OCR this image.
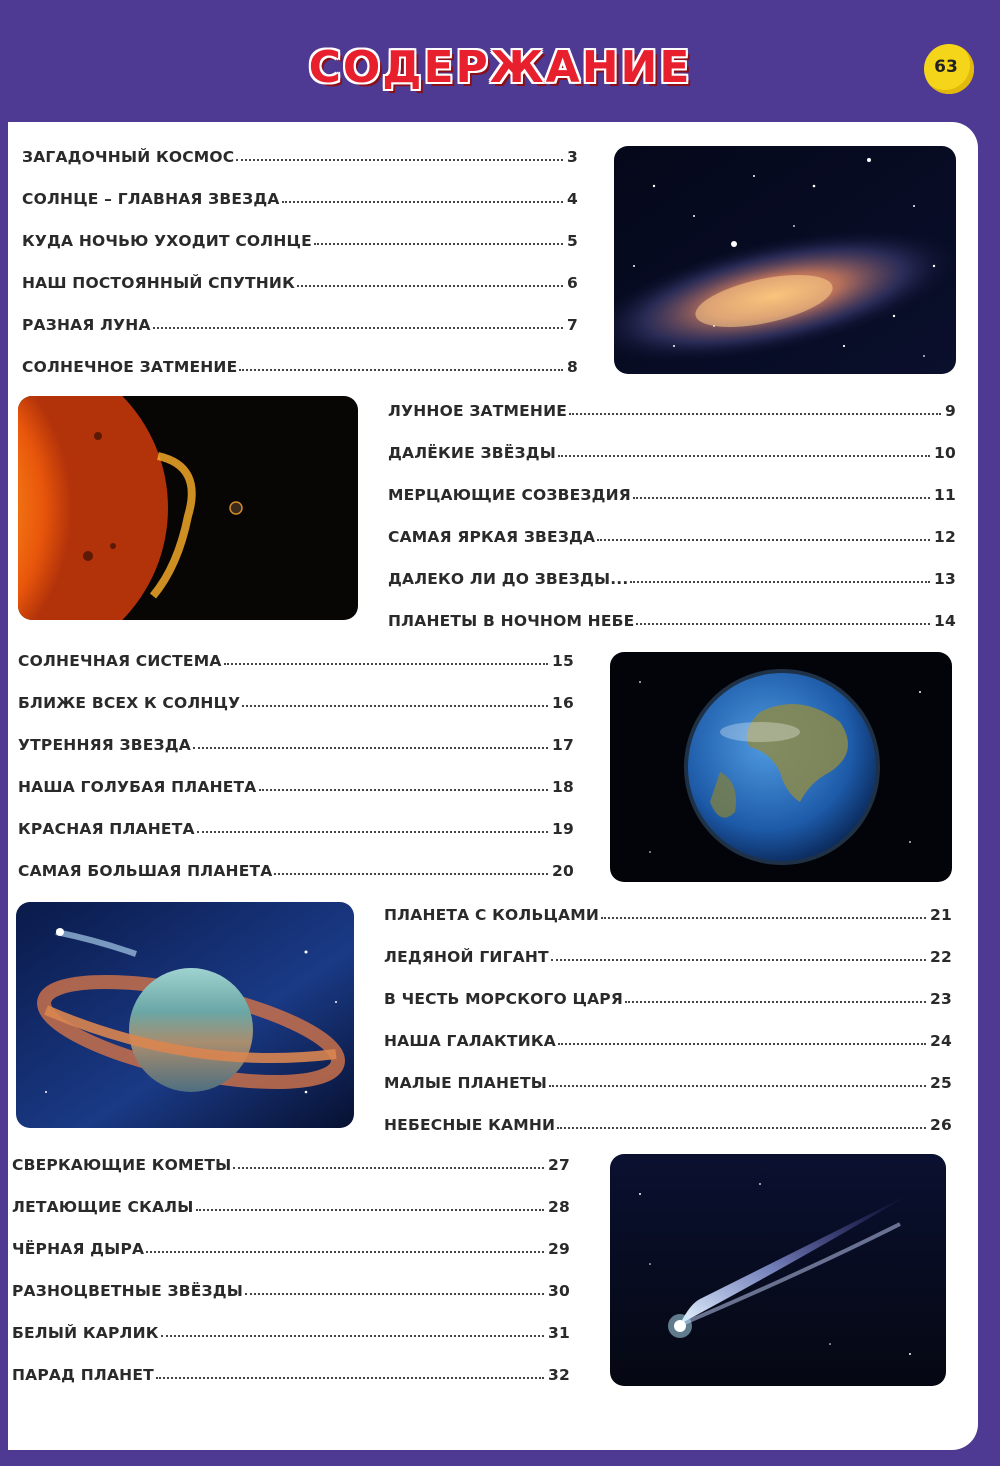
СОДЕРЖАНИЕ	63
ЗАГАДОЧНЫЙ КОСМОС	3
СОЛНЦЕ – ГЛАВНАЯ ЗВЕЗДА	4
КУДА НОЧЬЮ УХОДИТ СОЛНЦЕ	5
НАШ ПОСТОЯННЫЙ СПУТНИК	6
РАЗНАЯ ЛУНА	7
СОЛНЕЧНОЕ ЗАТМЕНИЕ	8
ЛУННОЕ ЗАТМЕНИЕ	9
ДАЛЁКИЕ ЗВЁЗДЫ	10
МЕРЦАЮЩИЕ СОЗВЕЗДИЯ	11
САМАЯ ЯРКАЯ ЗВЕЗДА	12
ДАЛЕКО ЛИ ДО ЗВЕЗДЫ...	13
ПЛАНЕТЫ В НОЧНОМ НЕБЕ	14
СОЛНЕЧНАЯ СИСТЕМА	15
БЛИЖЕ ВСЕХ К СОЛНЦУ	16
УТРЕННЯЯ ЗВЕЗДА	17
НАША ГОЛУБАЯ ПЛАНЕТА	18
КРАСНАЯ ПЛАНЕТА	19
САМАЯ БОЛЬШАЯ ПЛАНЕТА	20
ПЛАНЕТА С КОЛЬЦАМИ	21
ЛЕДЯНОЙ ГИГАНТ	22
В ЧЕСТЬ МОРСКОГО ЦАРЯ	23
НАША ГАЛАКТИКА	24
МАЛЫЕ ПЛАНЕТЫ	25
НЕБЕСНЫЕ КАМНИ	26
СВЕРКАЮЩИЕ КОМЕТЫ	27
ЛЕТАЮЩИЕ СКАЛЫ	28
ЧЁРНАЯ ДЫРА	29
РАЗНОЦВЕТНЫЕ ЗВЁЗДЫ	30
БЕЛЫЙ КАРЛИК	31
ПАРАД ПЛАНЕТ	32
